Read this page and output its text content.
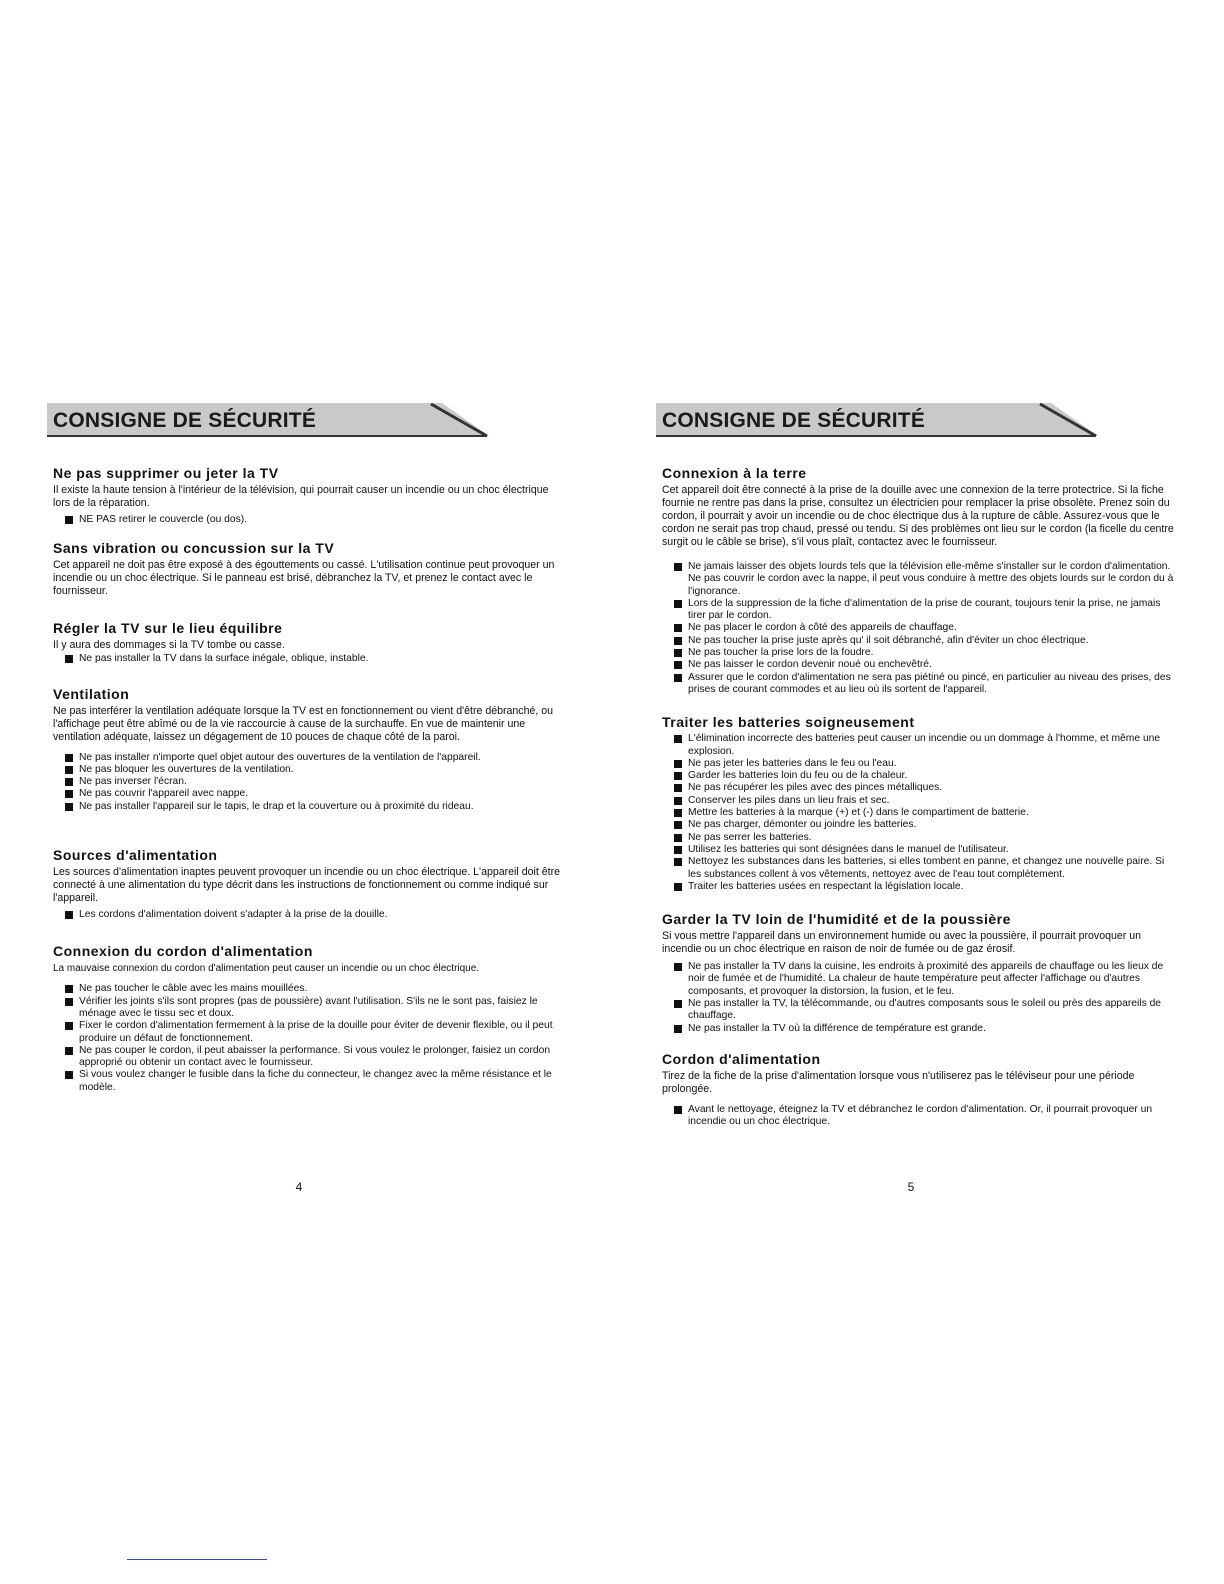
CONSIGNE DE SÉCURITÉ
Ne pas supprimer ou jeter la TV

Il existe la haute tension à l'intérieur de la télévision, qui pourrait causer un incendie ou un choc électrique lors de la réparation.

NE PAS retirer le couvercle (ou dos).
Sans vibration ou concussion sur la TV

Cet appareil ne doit pas être exposé à des égouttements ou cassé. L'utilisation continue peut provoquer un incendie ou un choc électrique. Si le panneau est brisé, débranchez la TV, et prenez le contact avec le fournisseur.

Régler la TV sur le lieu équilibre

Il y aura des dommages si la TV tombe ou casse.

Ne pas installer la TV dans la surface inégale, oblique, instable.
Ventilation

Ne pas interférer la ventilation adéquate lorsque la TV est en fonctionnement ou vient d'être débranché, ou l'affichage peut être abîmé ou de la vie raccourcie à cause de la surchauffe. En vue de maintenir une ventilation adéquate, laissez un dégagement de 10 pouces de chaque côté de la paroi.

Ne pas installer n'importe quel objet autour des ouvertures de la ventilation de l'appareil.
Ne pas bloquer les ouvertures de la ventilation.
Ne pas inverser l'écran.
Ne pas couvrir l'appareil avec nappe.
Ne pas installer l'appareil sur le tapis, le drap et la couverture ou à proximité du rideau.
Sources d'alimentation

Les sources d'alimentation inaptes peuvent provoquer un incendie ou un choc électrique. L'appareil doit être connecté à une alimentation du type décrit dans les instructions de fonctionnement ou comme indiqué sur l'appareil.

Les cordons d'alimentation doivent s'adapter à la prise de la douille.
Connexion du cordon d'alimentation

La mauvaise connexion du cordon d'alimentation peut causer un incendie ou un choc électrique.

Ne pas toucher le câble avec les mains mouillées.
Vérifier les joints s'ils sont propres (pas de poussière) avant l'utilisation. S'ils ne le sont pas, faisiez le ménage avec le tissu sec et doux.
Fixer le cordon d'alimentation fermement à la prise de la douille pour éviter de devenir flexible, ou il peut produire un défaut de fonctionnement.
Ne pas couper le cordon, il peut abaisser la performance. Si vous voulez le prolonger, faisiez un cordon approprié ou obtenir un contact avec le fournisseur.
Si vous voulez changer le fusible dans la fiche du connecteur, le changez avec la même résistance et le modèle.
CONSIGNE DE SÉCURITÉ
Connexion à la terre

Cet appareil doit être connecté à la prise de la douille avec une connexion de la terre protectrice. Si la fiche fournie ne rentre pas dans la prise, consultez un électricien pour remplacer la prise obsolète. Prenez soin du cordon, il pourrait y avoir un incendie ou de choc électrique dus à la rupture de câble. Assurez-vous que le cordon ne serait pas trop chaud, pressé ou tendu. Si des problèmes ont lieu sur le cordon (la ficelle du centre surgit ou le câble se brise), s'il vous plaît, contactez avec le fournisseur.

Ne jamais laisser des objets lourds tels que la télévision elle-même s'installer sur le cordon d'alimentation. Ne pas couvrir le cordon avec la nappe, il peut vous conduire à mettre des objets lourds sur le cordon du à l'ignorance.
Lors de la suppression de la fiche d'alimentation de la prise de courant, toujours tenir la prise, ne jamais tirer par le cordon.
Ne pas placer le cordon à côté des appareils de chauffage.
Ne pas toucher la prise juste après qu' il soit débranché, afin d'éviter un choc électrique.
Ne pas toucher la prise lors de la foudre.
Ne pas laisser le cordon devenir noué ou enchevêtré.
Assurer que le cordon d'alimentation ne sera pas piétiné ou pincé, en particulier au niveau des prises, des prises de courant commodes et au lieu où ils sortent de l'appareil.
Traiter les batteries soigneusement
L'élimination incorrecte des batteries peut causer un incendie ou un dommage à l'homme, et même une explosion.
Ne pas jeter les batteries dans le feu ou l'eau.
Garder les batteries loin du feu ou de la chaleur.
Ne pas récupérer les piles avec des pinces métalliques.
Conserver les piles dans un lieu frais et sec.
Mettre les batteries à la marque (+) et (-) dans le compartiment de batterie.
Ne pas charger, démonter ou joindre les batteries.
Ne pas serrer les batteries.
Utilisez les batteries qui sont désignées dans le manuel de l'utilisateur.
Nettoyez les substances dans les batteries, si elles tombent en panne, et changez une nouvelle paire. Si les substances collent à vos vêtements, nettoyez avec de l'eau tout complètement.
Traiter les batteries usées en respectant la législation locale.
Garder la TV loin de l'humidité et de la poussière

Si vous mettre l'appareil dans un environnement humide ou avec la poussière, il pourrait provoquer un incendie ou un choc électrique en raison de noir de fumée ou de gaz érosif.

Ne pas installer la TV dans la cuisine, les endroits à proximité des appareils de chauffage ou les lieux de noir de fumée et de l'humidité. La chaleur de haute température peut affecter l'affichage ou d'autres composants, et provoquer la distorsion, la fusion, et le feu.
Ne pas installer la TV, la télécommande, ou d'autres composants sous le soleil ou près des appareils de chauffage.
Ne pas installer la TV où la différence de température est grande.
Cordon d'alimentation

Tirez de la fiche de la prise d'alimentation lorsque vous n'utiliserez pas le téléviseur pour une période prolongée.

Avant le nettoyage, éteignez la TV et débranchez le cordon d'alimentation. Or, il pourrait provoquer un incendie ou un choc électrique.
4	5
